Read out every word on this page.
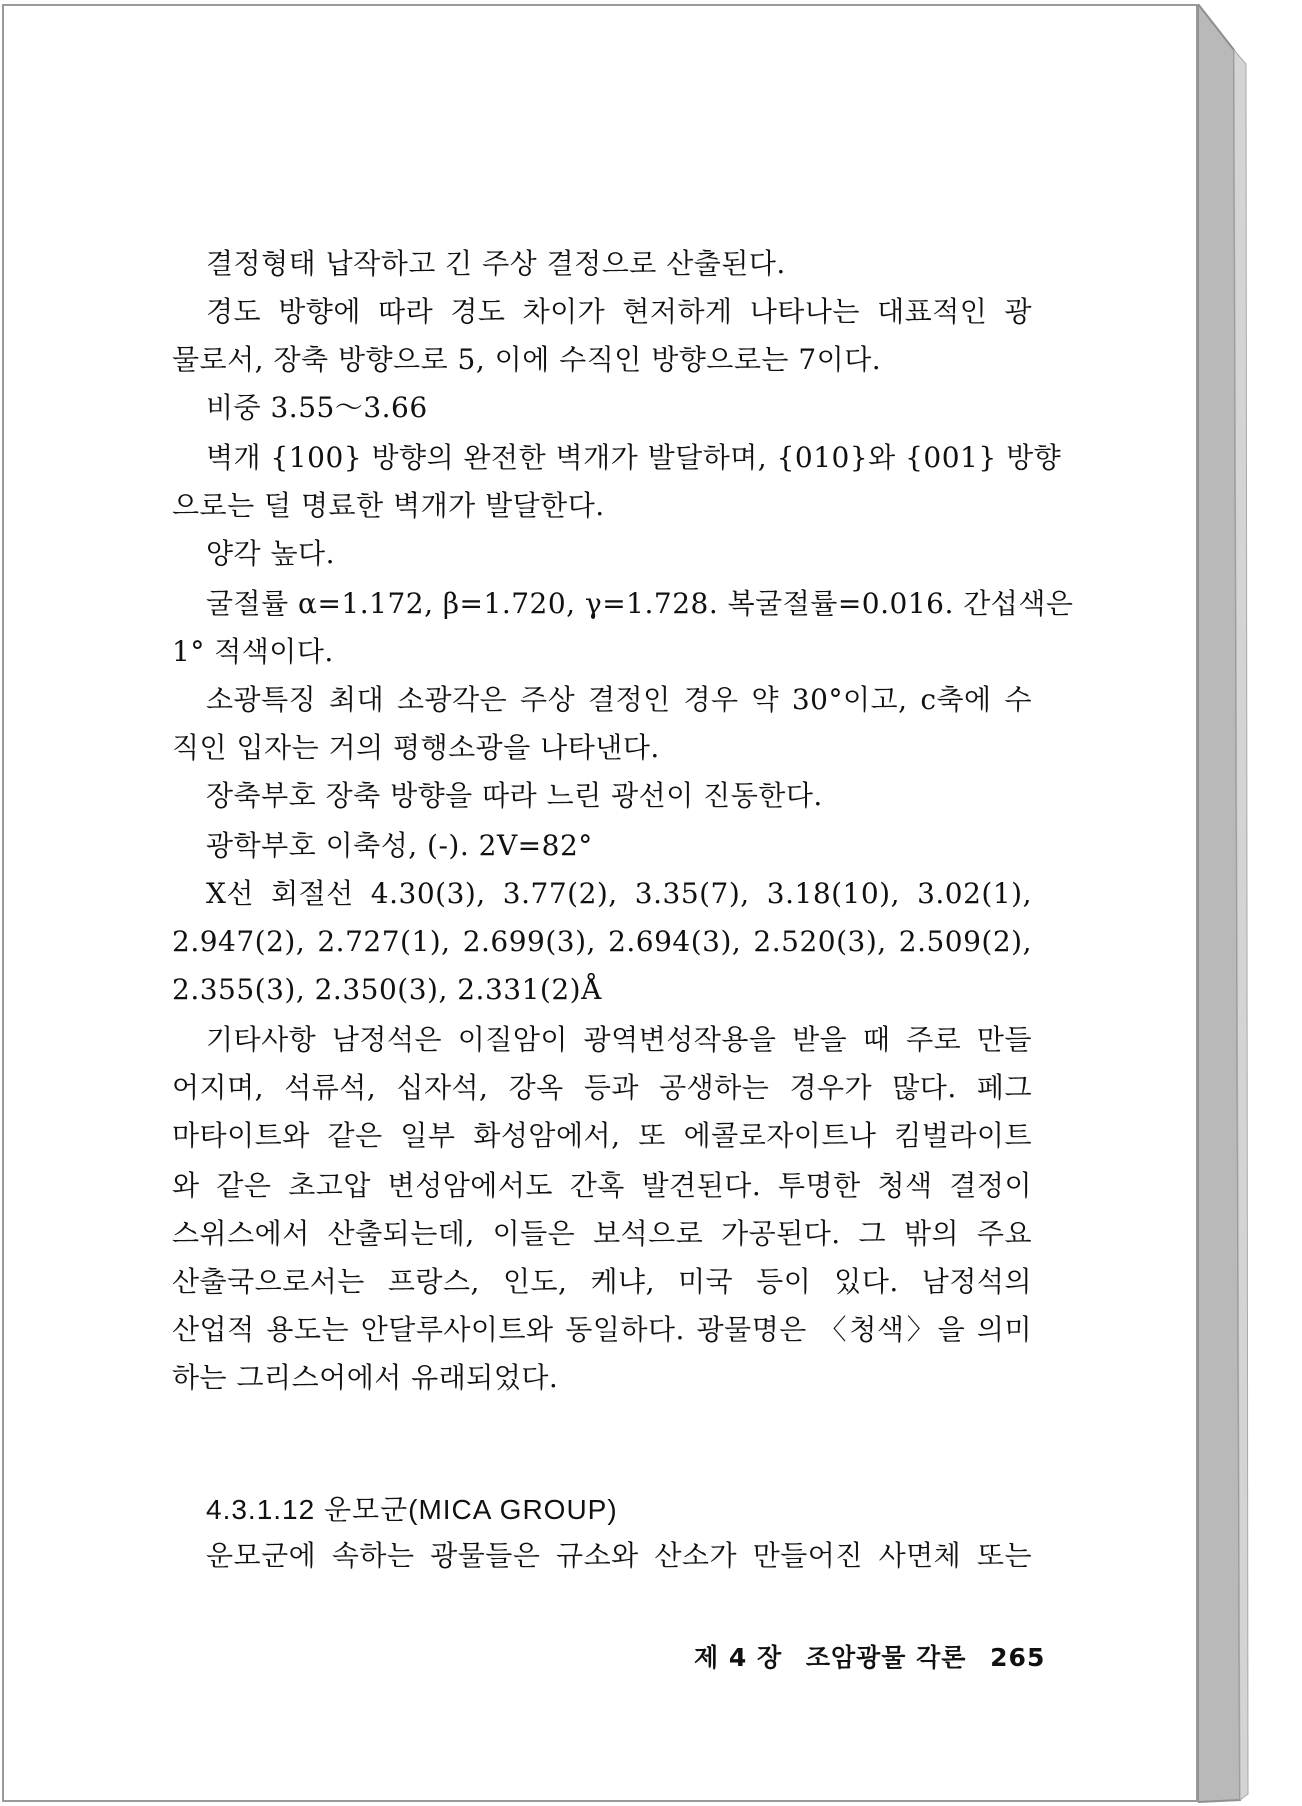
결정형태 납작하고 긴 주상 결정으로 산출된다.
경도 방향에 따라 경도 차이가 현저하게 나타나는 대표적인 광
물로서, 장축 방향으로 5, 이에 수직인 방향으로는 7이다.
비중 3.55～3.66
벽개 {100} 방향의 완전한 벽개가 발달하며, {010}와 {001} 방향
으로는 덜 명료한 벽개가 발달한다.
양각 높다.
굴절률 α=1.172, β=1.720, γ=1.728. 복굴절률=0.016. 간섭색은
1° 적색이다.
소광특징 최대 소광각은 주상 결정인 경우 약 30°이고, c축에 수
직인 입자는 거의 평행소광을 나타낸다.
장축부호 장축 방향을 따라 느린 광선이 진동한다.
광학부호 이축성, (-). 2V=82°
X선 회절선 4.30(3), 3.77(2), 3.35(7), 3.18(10), 3.02(1),
2.947(2), 2.727(1), 2.699(3), 2.694(3), 2.520(3), 2.509(2),
2.355(3), 2.350(3), 2.331(2)Å
기타사항 남정석은 이질암이 광역변성작용을 받을 때 주로 만들
어지며, 석류석, 십자석, 강옥 등과 공생하는 경우가 많다. 페그
마타이트와 같은 일부 화성암에서, 또 에콜로자이트나 킴벌라이트
와 같은 초고압 변성암에서도 간혹 발견된다. 투명한 청색 결정이
스위스에서 산출되는데, 이들은 보석으로 가공된다. 그 밖의 주요
산출국으로서는 프랑스, 인도, 케냐, 미국 등이 있다. 남정석의
산업적 용도는 안달루사이트와 동일하다. 광물명은 〈청색〉을 의미
하는 그리스어에서 유래되었다.
운모군에 속하는 광물들은 규소와 산소가 만들어진 사면체 또는
4.3.1.12 운모군(MICA GROUP)
제 4 장 조암광물 각론 265
